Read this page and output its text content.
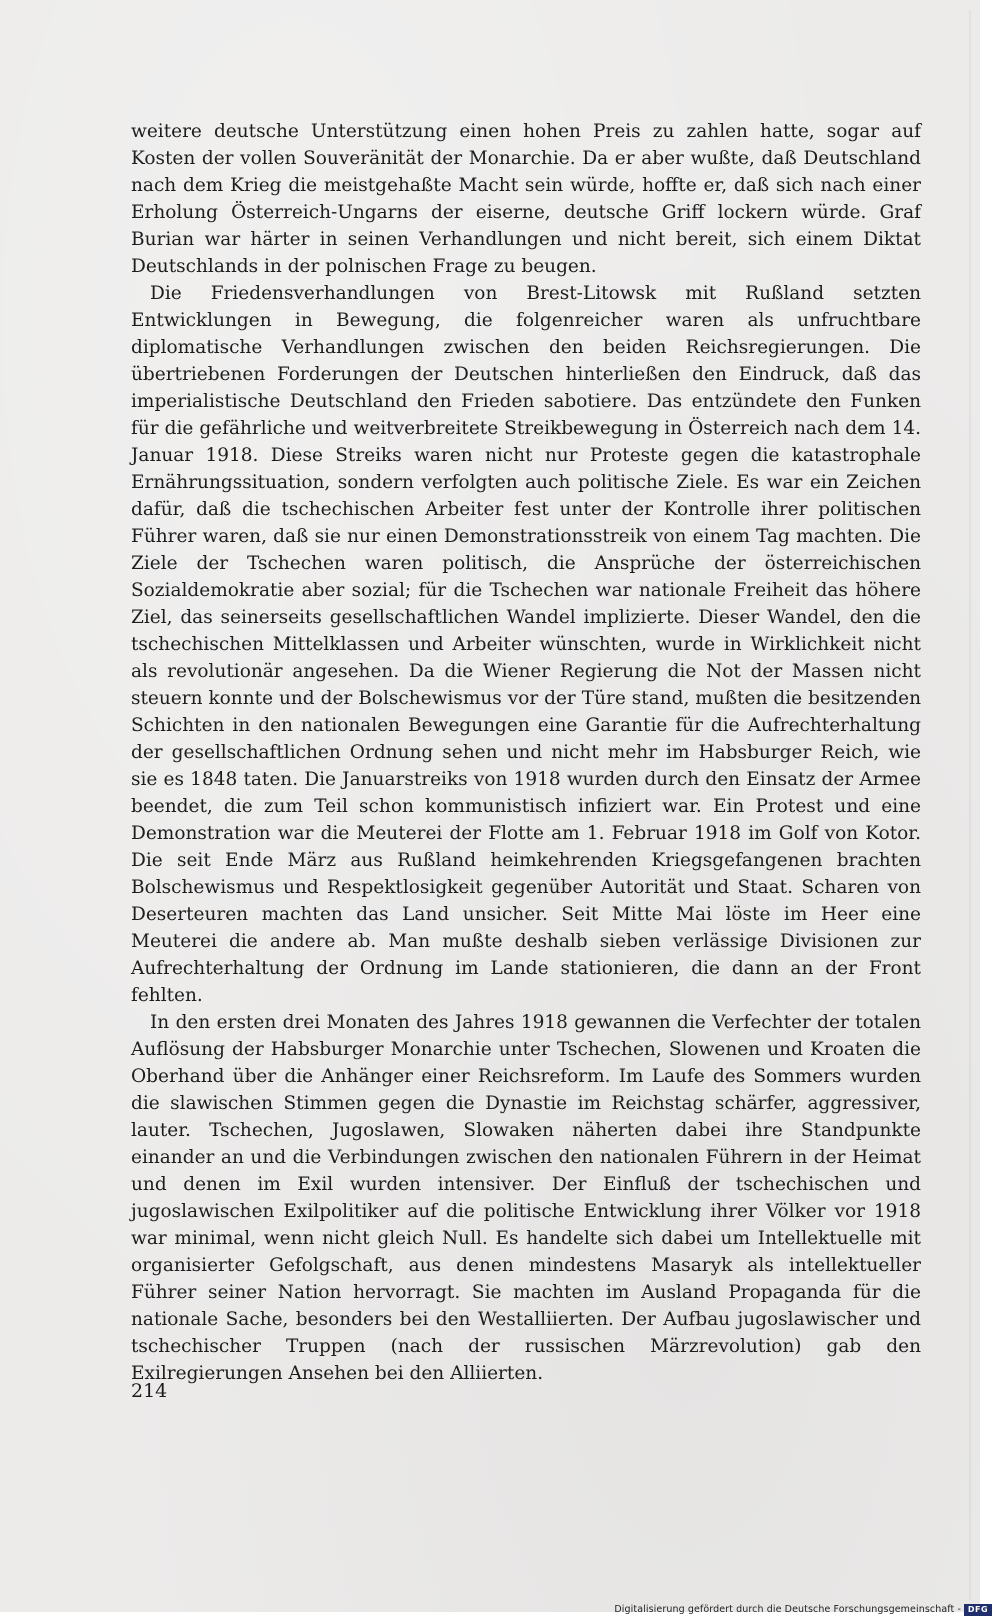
weitere deutsche Unterstützung einen hohen Preis zu zahlen hatte, sogar auf Kosten der vollen Souveränität der Monarchie. Da er aber wußte, daß Deutschland nach dem Krieg die meistgehaßte Macht sein würde, hoffte er, daß sich nach einer Erholung Österreich-Ungarns der eiserne, deutsche Griff lockern würde. Graf Burian war härter in seinen Verhandlungen und nicht bereit, sich einem Diktat Deutschlands in der polnischen Frage zu beugen.

Die Friedensverhandlungen von Brest-Litowsk mit Rußland setzten Entwicklungen in Bewegung, die folgenreicher waren als unfruchtbare diplomatische Verhandlungen zwischen den beiden Reichsregierungen. Die übertriebenen Forderungen der Deutschen hinterließen den Eindruck, daß das imperialistische Deutschland den Frieden sabotiere. Das entzündete den Funken für die gefährliche und weitverbreitete Streikbewegung in Österreich nach dem 14. Januar 1918. Diese Streiks waren nicht nur Proteste gegen die katastrophale Ernährungssituation, sondern verfolgten auch politische Ziele. Es war ein Zeichen dafür, daß die tschechischen Arbeiter fest unter der Kontrolle ihrer politischen Führer waren, daß sie nur einen Demonstrationsstreik von einem Tag machten. Die Ziele der Tschechen waren politisch, die Ansprüche der österreichischen Sozialdemokratie aber sozial; für die Tschechen war nationale Freiheit das höhere Ziel, das seinerseits gesellschaftlichen Wandel implizierte. Dieser Wandel, den die tschechischen Mittelklassen und Arbeiter wünschten, wurde in Wirklichkeit nicht als revolutionär angesehen. Da die Wiener Regierung die Not der Massen nicht steuern konnte und der Bolschewismus vor der Türe stand, mußten die besitzenden Schichten in den nationalen Bewegungen eine Garantie für die Aufrechterhaltung der gesellschaftlichen Ordnung sehen und nicht mehr im Habsburger Reich, wie sie es 1848 taten. Die Januarstreiks von 1918 wurden durch den Einsatz der Armee beendet, die zum Teil schon kommunistisch infiziert war. Ein Protest und eine Demonstration war die Meuterei der Flotte am 1. Februar 1918 im Golf von Kotor. Die seit Ende März aus Rußland heimkehrenden Kriegsgefangenen brachten Bolschewismus und Respektlosigkeit gegenüber Autorität und Staat. Scharen von Deserteuren machten das Land unsicher. Seit Mitte Mai löste im Heer eine Meuterei die andere ab. Man mußte deshalb sieben verlässige Divisionen zur Aufrechterhaltung der Ordnung im Lande stationieren, die dann an der Front fehlten.

In den ersten drei Monaten des Jahres 1918 gewannen die Verfechter der totalen Auflösung der Habsburger Monarchie unter Tschechen, Slowenen und Kroaten die Oberhand über die Anhänger einer Reichsreform. Im Laufe des Sommers wurden die slawischen Stimmen gegen die Dynastie im Reichstag schärfer, aggressiver, lauter. Tschechen, Jugoslawen, Slowaken näherten dabei ihre Standpunkte einander an und die Verbindungen zwischen den nationalen Führern in der Heimat und denen im Exil wurden intensiver. Der Einfluß der tschechischen und jugoslawischen Exilpolitiker auf die politische Entwicklung ihrer Völker vor 1918 war minimal, wenn nicht gleich Null. Es handelte sich dabei um Intellektuelle mit organisierter Gefolgschaft, aus denen mindestens Masaryk als intellektueller Führer seiner Nation hervorragt. Sie machten im Ausland Propaganda für die nationale Sache, besonders bei den Westalliierten. Der Aufbau jugoslawischer und tschechischer Truppen (nach der russischen Märzrevolution) gab den Exilregierungen Ansehen bei den Alliierten.

214
Digitalisierung gefördert durch die Deutsche Forschungsgemeinschaft - DFG
